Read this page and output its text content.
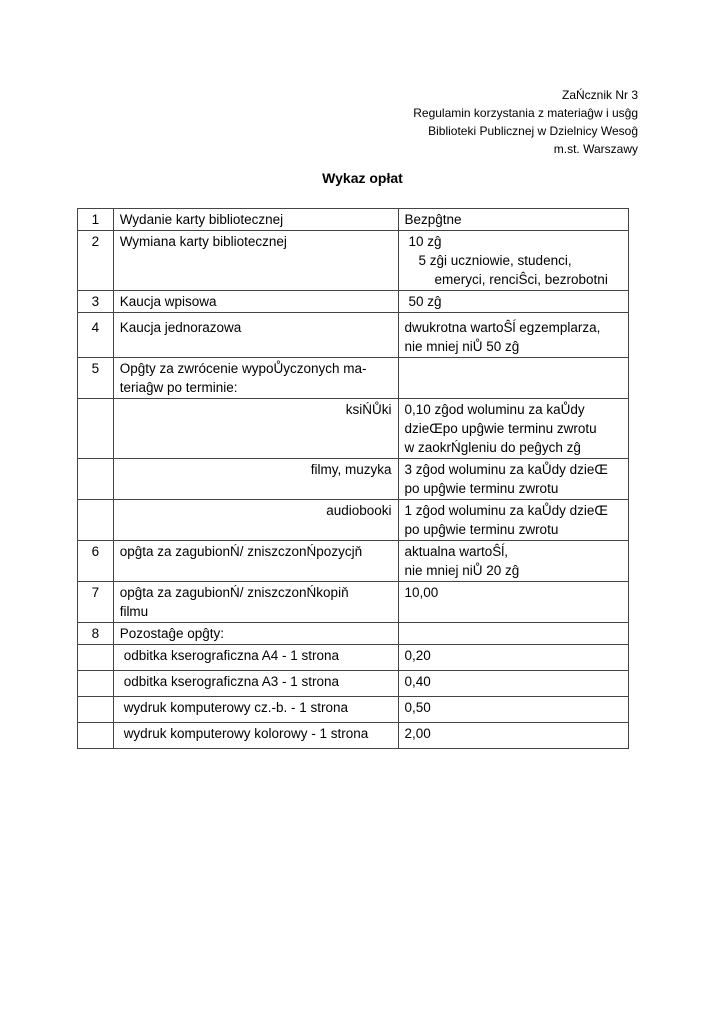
ZaŃcznik Nr 3
Regulamin korzystania z materiaĝw i usĝg
Biblioteki Publicznej w Dzielnicy Wesoĝ
m.st. Warszawy
Wykaz opłat
1	Wydanie karty bibliotecznej	Bezpĝtne

2	Wymiana karty bibliotecznej	10 zĝ
5 zĝi uczniowie, studenci,
emeryci, renciŜci, bezrobotni

3	Kaucja wpisowa	50 zĝ

4	Kaucja jednorazowa	dwukrotna wartoŜĺ egzemplarza,
nie mniej niŮ 50 zĝ

5	Opĝty za zwrócenie wypoŮyczonych ma-
teriaĝw po terminie:	

	ksiŃŮki	0,10 zĝod woluminu za kaŮdy
dzieŒpo upĝwie terminu zwrotu
w zaokrŃgleniu do peĝych zĝ

	filmy, muzyka	3 zĝod woluminu za kaŮdy dzieŒ
po upĝwie terminu zwrotu

	audiobooki	1 zĝod woluminu za kaŮdy dzieŒ
po upĝwie terminu zwrotu

6	opĝta za zagubionŃ/ zniszczonŃpozycjň	aktualna wartoŜĺ,
nie mniej niŮ 20 zĝ

7	opĝta za zagubionŃ/ zniszczonŃkopiň
filmu	10,00

8	Pozostaĝe opĝty:	
	odbitka kserograficzna A4 - 1 strona	0,20
	odbitka kserograficzna A3 - 1 strona	0,40
	wydruk komputerowy cz.-b. - 1 strona	0,50
	wydruk komputerowy kolorowy - 1 strona	2,00
